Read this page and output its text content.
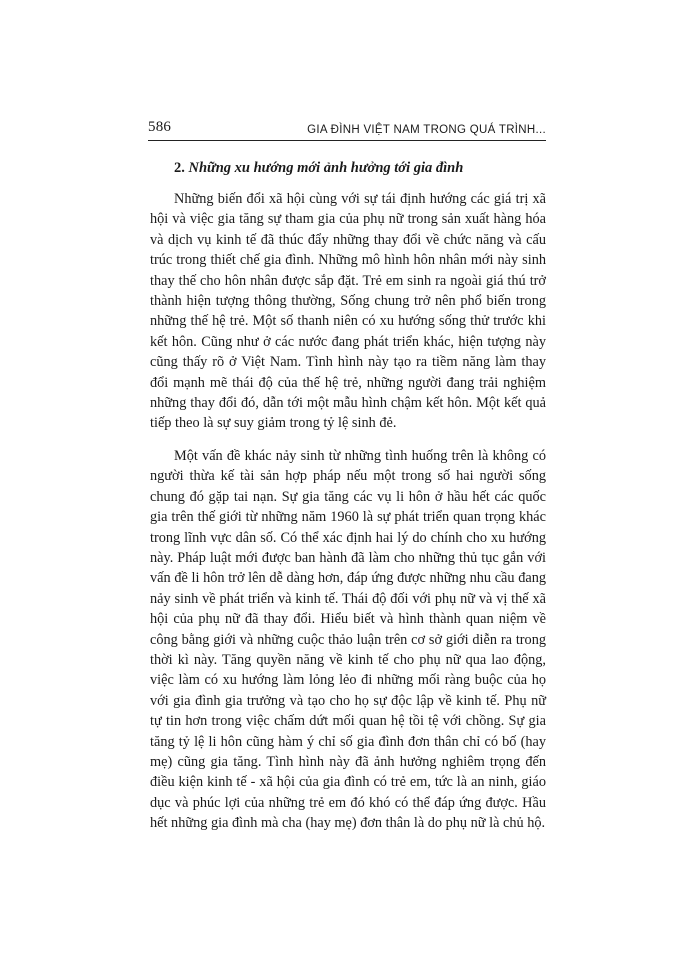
586	GIA ĐÌNH VIỆT NAM TRONG QUÁ TRÌNH...
2. Những xu hướng mới ảnh hưởng tới gia đình

Những biến đổi xã hội cùng với sự tái định hướng các giá trị xã hội và việc gia tăng sự tham gia của phụ nữ trong sản xuất hàng hóa và dịch vụ kinh tế đã thúc đẩy những thay đổi về chức năng và cấu trúc trong thiết chế gia đình. Những mô hình hôn nhân mới này sinh thay thế cho hôn nhân được sắp đặt. Trẻ em sinh ra ngoài giá thú trở thành hiện tượng thông thường, Sống chung trở nên phổ biến trong những thế hệ trẻ. Một số thanh niên có xu hướng sống thử trước khi kết hôn. Cũng như ở các nước đang phát triển khác, hiện tượng này cũng thấy rõ ở Việt Nam. Tình hình này tạo ra tiềm năng làm thay đổi mạnh mẽ thái độ của thế hệ trẻ, những người đang trải nghiệm những thay đổi đó, dẫn tới một mẫu hình chậm kết hôn. Một kết quả tiếp theo là sự suy giảm trong tỷ lệ sinh đẻ.

Một vấn đề khác nảy sinh từ những tình huống trên là không có người thừa kế tài sản hợp pháp nếu một trong số hai người sống chung đó gặp tai nạn. Sự gia tăng các vụ li hôn ở hầu hết các quốc gia trên thế giới từ những năm 1960 là sự phát triển quan trọng khác trong lĩnh vực dân số. Có thể xác định hai lý do chính cho xu hướng này. Pháp luật mới được ban hành đã làm cho những thủ tục gắn với vấn đề li hôn trở lên dễ dàng hơn, đáp ứng được những nhu cầu đang nảy sinh về phát triển và kinh tế. Thái độ đối với phụ nữ và vị thế xã hội của phụ nữ đã thay đổi. Hiểu biết và hình thành quan niệm về công bằng giới và những cuộc thảo luận trên cơ sở giới diễn ra trong thời kì này. Tăng quyền năng về kinh tế cho phụ nữ qua lao động, việc làm có xu hướng làm lỏng lẻo đi những mối ràng buộc của họ với gia đình gia trưởng và tạo cho họ sự độc lập về kinh tế. Phụ nữ tự tin hơn trong việc chấm dứt mối quan hệ tồi tệ với chồng. Sự gia tăng tỷ lệ li hôn cũng hàm ý chỉ số gia đình đơn thân chỉ có bố (hay mẹ) cũng gia tăng. Tình hình này đã ảnh hưởng nghiêm trọng đến điều kiện kinh tế - xã hội của gia đình có trẻ em, tức là an ninh, giáo dục và phúc lợi của những trẻ em đó khó có thể đáp ứng được. Hầu hết những gia đình mà cha (hay mẹ) đơn thân là do phụ nữ là chủ hộ.
